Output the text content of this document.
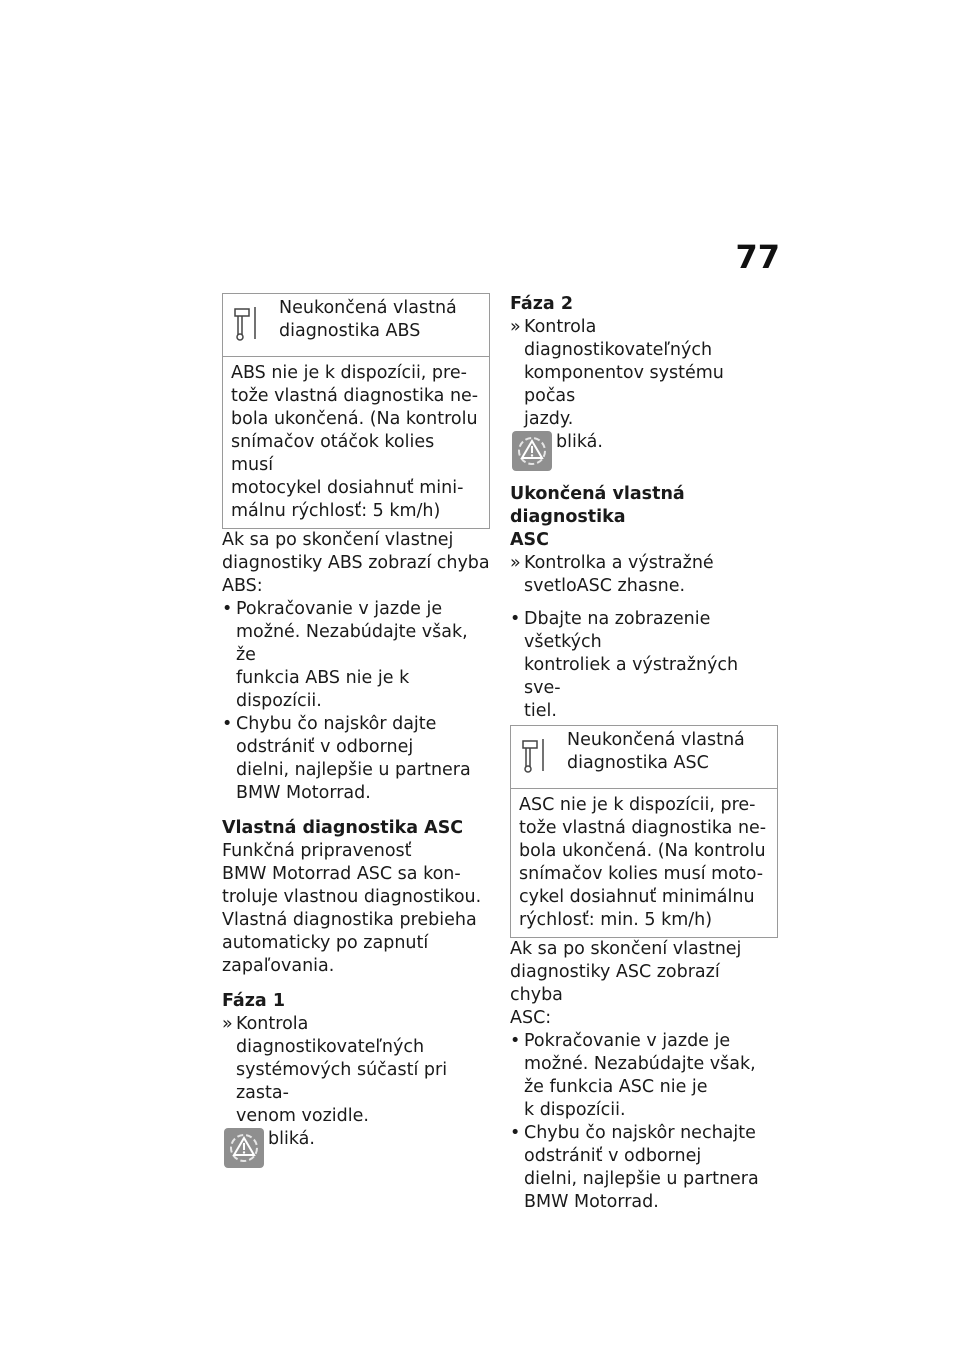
77
Neukončená vlastná
diagnostika ABS
ABS nie je k dispozícii, pre-
tože vlastná diagnostika ne-
bola ukončená. (Na kontrolu
snímačov otáčok kolies musí
motocykel dosiahnuť mini-
málnu rýchlosť: 5 km/h)
Ak sa po skončení vlastnej
diagnostiky ABS zobrazí chyba
ABS:
• Pokračovanie v jazde je
možné. Nezabúdajte však, že
funkcia ABS nie je k dispozícii.
• Chybu čo najskôr dajte
odstrániť v odbornej
dielni, najlepšie u partnera
BMW Motorrad.
Vlastná diagnostika ASC
Funkčná pripravenosť
BMW Motorrad ASC sa kon-
troluje vlastnou diagnostikou.
Vlastná diagnostika prebieha
automaticky po zapnutí
zapaľovania.
Fáza 1
» Kontrola diagnostikovateľných
systémových súčastí pri zasta-
venom vozidle.
bliká.
Fáza 2
» Kontrola diagnostikovateľných
komponentov systému počas
jazdy.
bliká.
Ukončená vlastná diagnostika
ASC
» Kontrolka a výstražné
svetloASC zhasne.
• Dbajte na zobrazenie všetkých
kontroliek a výstražných sve-
tiel.
Neukončená vlastná
diagnostika ASC
ASC nie je k dispozícii, pre-
tože vlastná diagnostika ne-
bola ukončená. (Na kontrolu
snímačov kolies musí moto-
cykel dosiahnuť minimálnu
rýchlosť: min. 5 km/h)
Ak sa po skončení vlastnej
diagnostiky ASC zobrazí chyba
ASC:
• Pokračovanie v jazde je
možné. Nezabúdajte však,
že funkcia ASC nie je
k dispozícii.
• Chybu čo najskôr nechajte
odstrániť v odbornej
dielni, najlepšie u partnera
BMW Motorrad.
